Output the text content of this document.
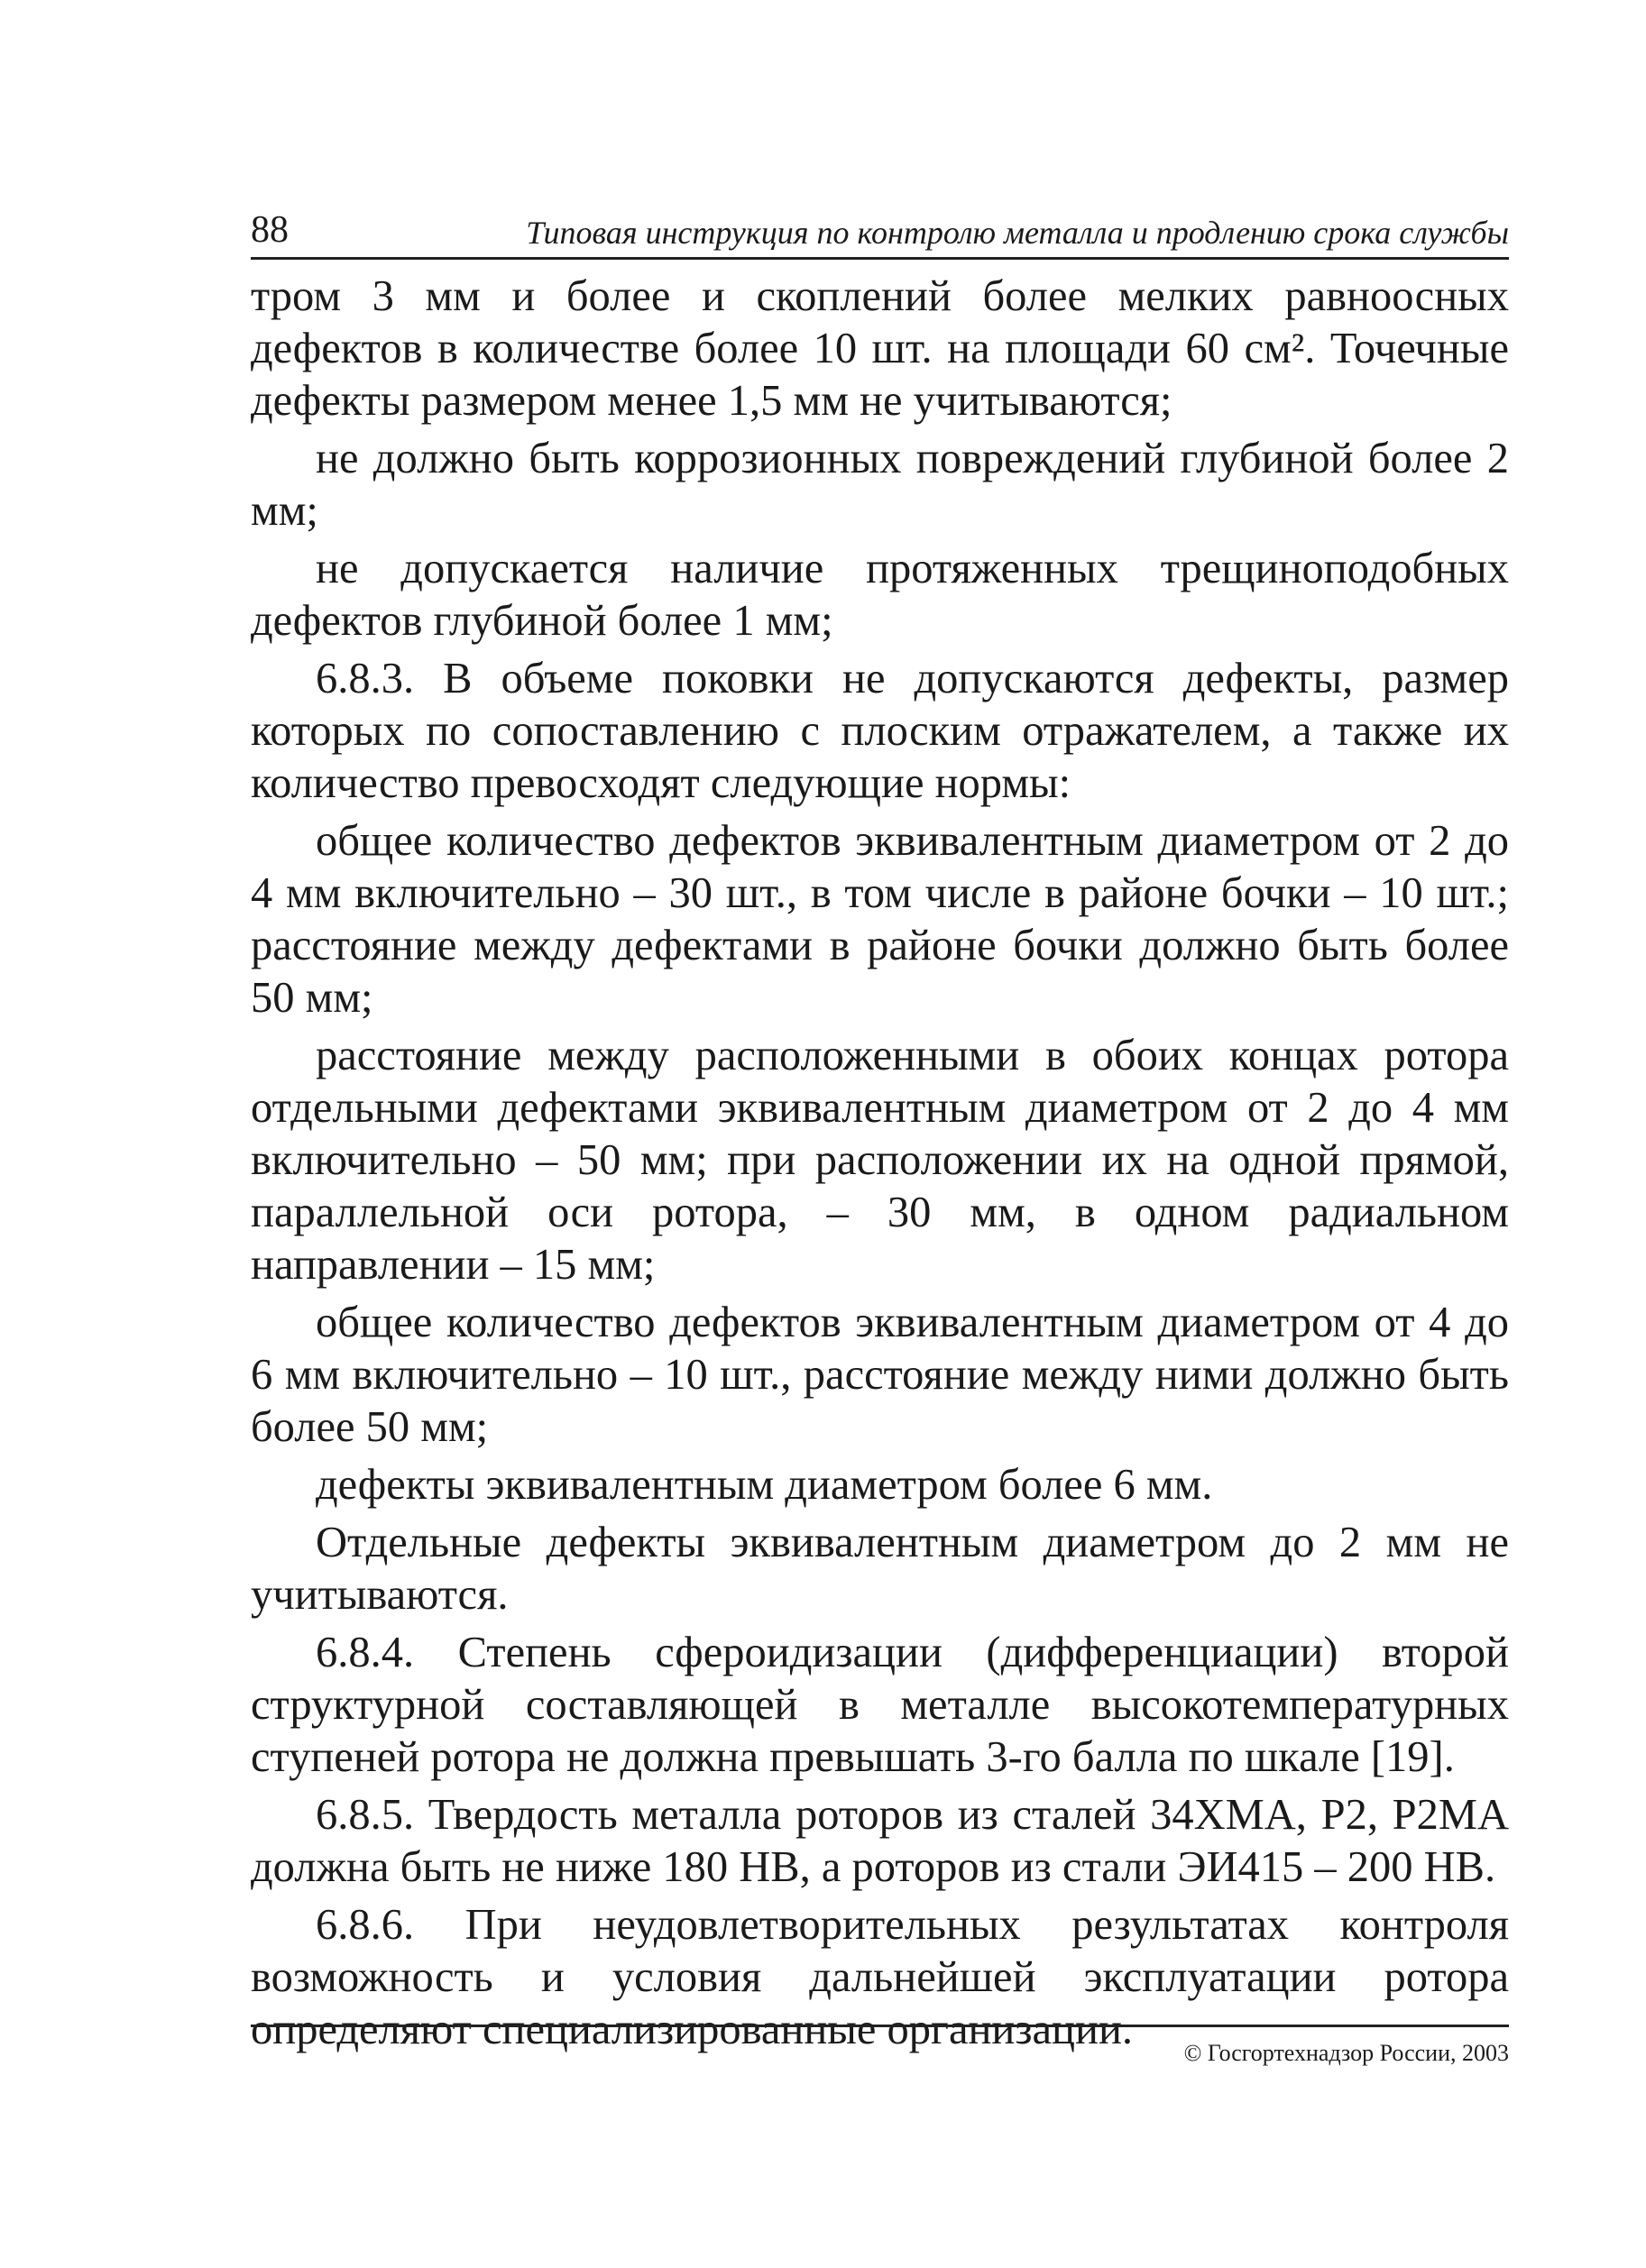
88	Типовая инструкция по контролю металла и продлению срока службы

тром 3 мм и более и скоплений более мелких равноосных дефектов в количестве более 10 шт. на площади 60 см². Точечные дефекты размером менее 1,5 мм не учитываются;

не должно быть коррозионных повреждений глубиной более 2 мм;

не допускается наличие протяженных трещиноподобных дефектов глубиной более 1 мм;

6.8.3. В объеме поковки не допускаются дефекты, размер которых по сопоставлению с плоским отражателем, а также их количество превосходят следующие нормы:

общее количество дефектов эквивалентным диаметром от 2 до 4 мм включительно – 30 шт., в том числе в районе бочки – 10 шт.; расстояние между дефектами в районе бочки должно быть более 50 мм;

расстояние между расположенными в обоих концах ротора отдельными дефектами эквивалентным диаметром от 2 до 4 мм включительно – 50 мм; при расположении их на одной прямой, параллельной оси ротора, – 30 мм, в одном радиальном направлении – 15 мм;

общее количество дефектов эквивалентным диаметром от 4 до 6 мм включительно – 10 шт., расстояние между ними должно быть более 50 мм;

дефекты эквивалентным диаметром более 6 мм.

Отдельные дефекты эквивалентным диаметром до 2 мм не учитываются.

6.8.4. Степень сфероидизации (дифференциации) второй структурной составляющей в металле высокотемпературных ступеней ротора не должна превышать 3-го балла по шкале [19].

6.8.5. Твердость металла роторов из сталей 34ХМА, Р2, Р2МА должна быть не ниже 180 НВ, а роторов из стали ЭИ415 – 200 НВ.

6.8.6. При неудовлетворительных результатах контроля возможность и условия дальнейшей эксплуатации ротора определяют специализированные организации.	© Госгортехнадзор России, 2003
